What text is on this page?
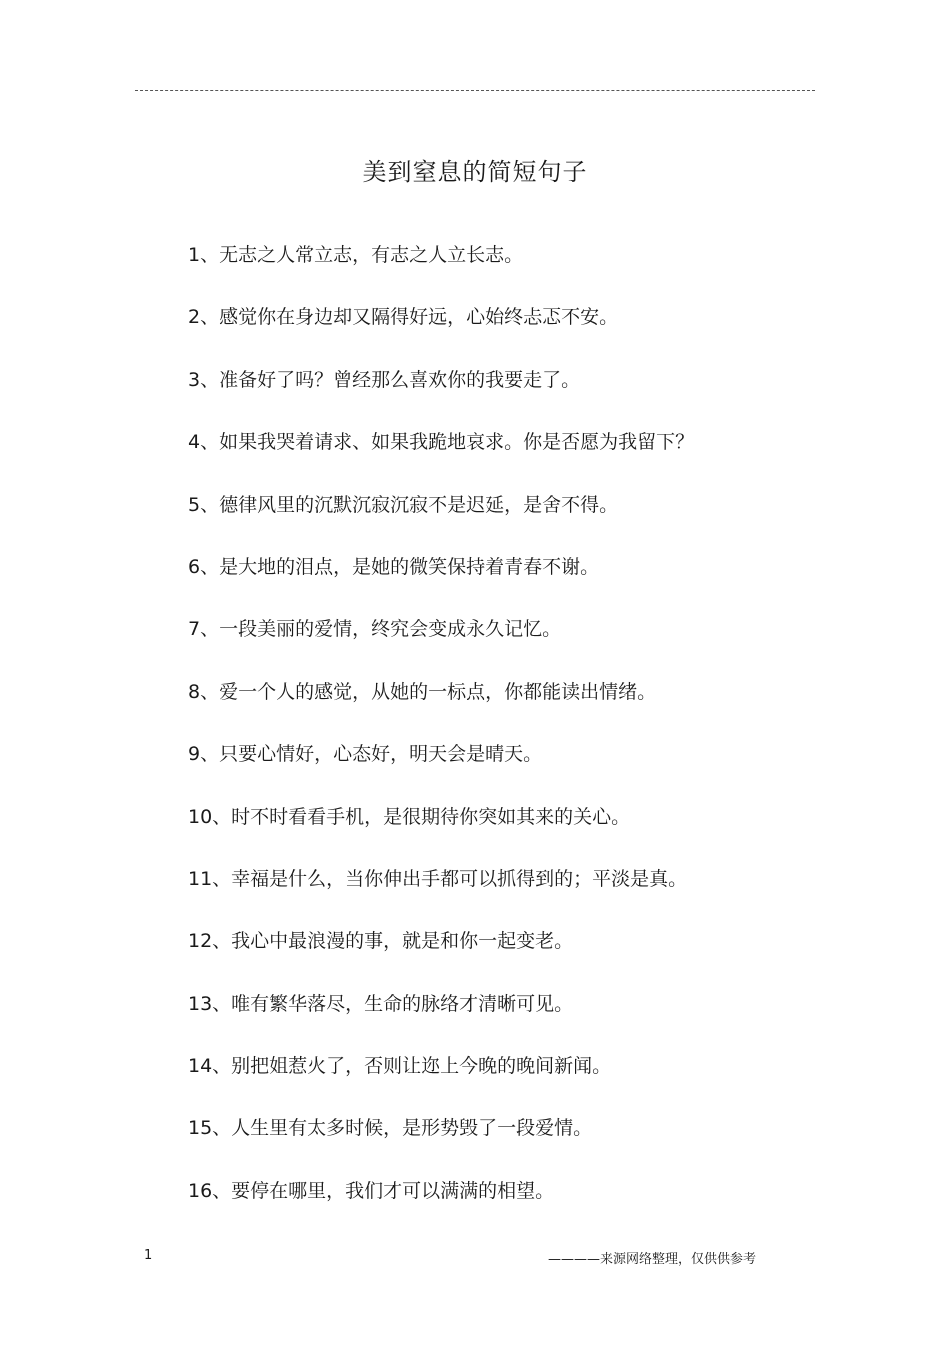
美到窒息的简短句子
1、无志之人常立志，有志之人立长志。
2、感觉你在身边却又隔得好远，心始终忐忑不安。
3、准备好了吗？曾经那么喜欢你的我要走了。
4、如果我哭着请求、如果我跪地哀求。你是否愿为我留下？
5、德律风里的沉默沉寂沉寂不是迟延，是舍不得。
6、是大地的泪点，是她的微笑保持着青春不谢。
7、一段美丽的爱情，终究会变成永久记忆。
8、爱一个人的感觉，从她的一标点，你都能读出情绪。
9、只要心情好，心态好，明天会是晴天。
10、时不时看看手机，是很期待你突如其来的关心。
11、幸福是什么，当你伸出手都可以抓得到的；平淡是真。
12、我心中最浪漫的事，就是和你一起变老。
13、唯有繁华落尽，生命的脉络才清晰可见。
14、别把姐惹火了，否则让迩上今晚的晚间新闻。
15、人生里有太多时候，是形势毁了一段爱情。
16、要停在哪里，我们才可以满满的相望。
1	————来源网络整理，仅供供参考
